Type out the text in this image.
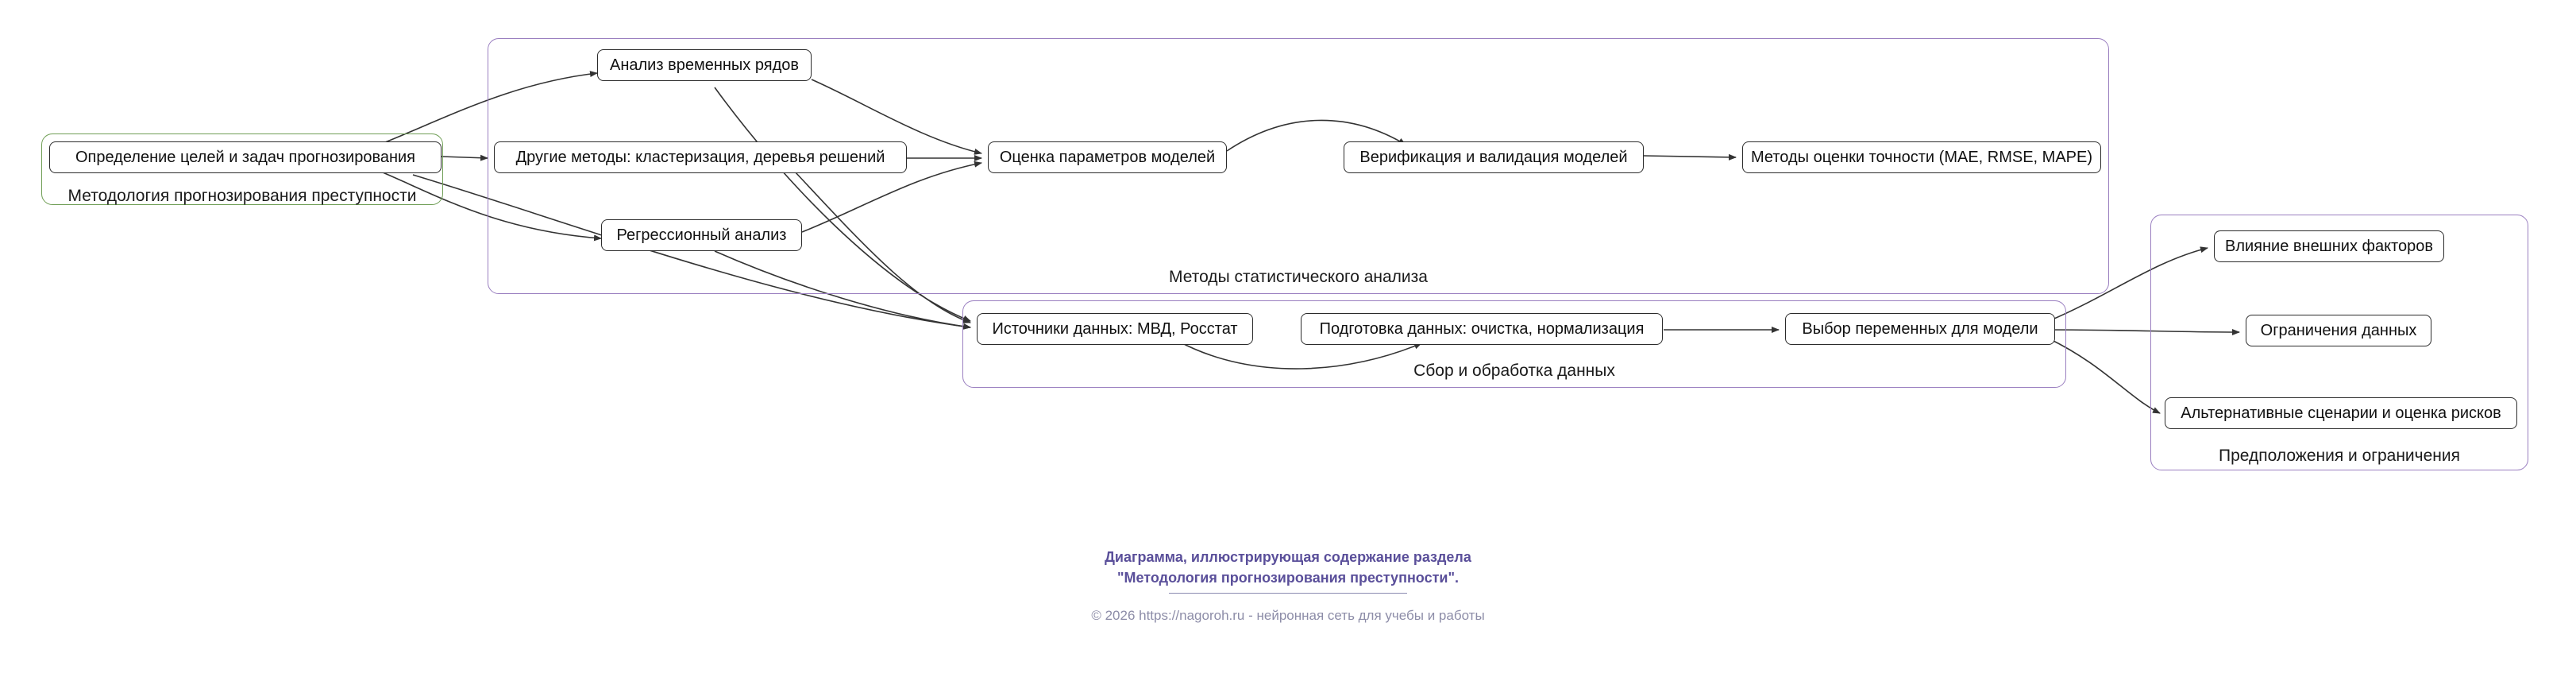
Методология прогнозирования преступности
Методы статистического анализа
Сбор и обработка данных
Предположения и ограничения
Определение целей и задач прогнозирования
Анализ временных рядов
Другие методы: кластеризация, деревья решений
Регрессионный анализ
Оценка параметров моделей	Верификация и валидация моделей	Методы оценки точности (MAE, RMSE, MAPE)
Источники данных: МВД, Росстат	Подготовка данных: очистка, нормализация	Выбор переменных для модели
Влияние внешних факторов
Ограничения данных
Альтернативные сценарии и оценка рисков
Диаграмма, иллюстрирующая содержание раздела
"Методология прогнозирования преступности".
© 2026 https://nagoroh.ru - нейронная сеть для учебы и работы
